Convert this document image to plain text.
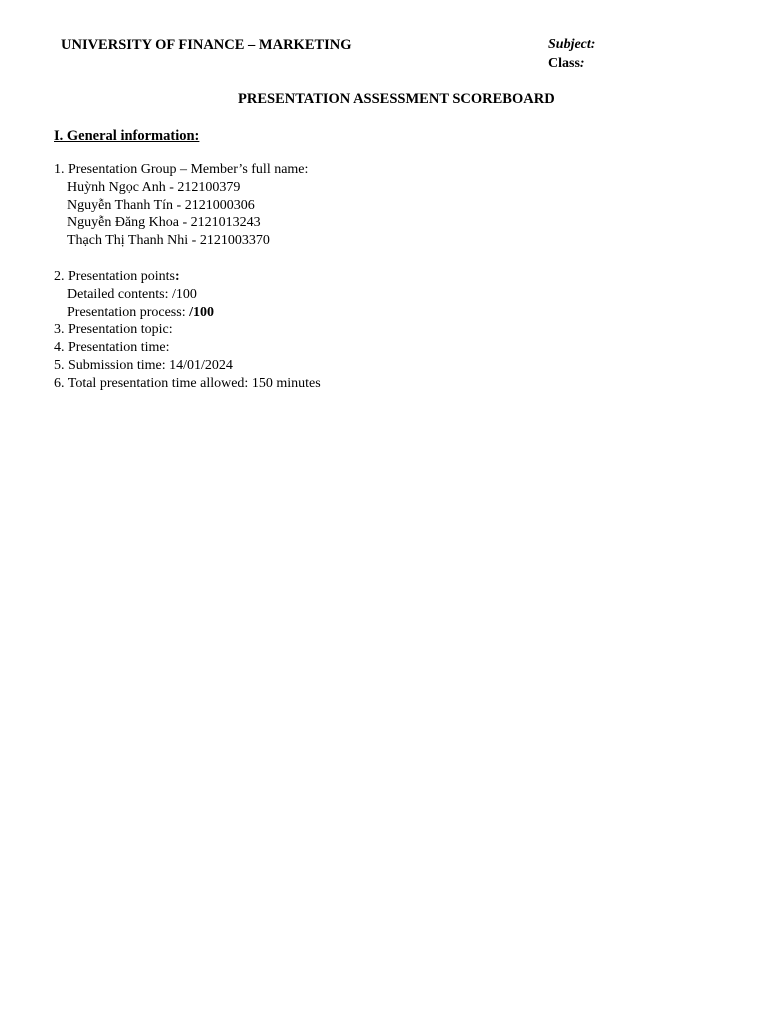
UNIVERSITY OF FINANCE – MARKETING	Subject:
Class:
PRESENTATION ASSESSMENT SCOREBOARD
I. General information:
1. Presentation Group – Member’s full name:
Huỳnh Ngọc Anh - 212100379
Nguyễn Thanh Tín - 2121000306
Nguyễn Đăng Khoa - 2121013243
Thạch Thị Thanh Nhi - 2121003370
2. Presentation points:
Detailed contents: /100
Presentation process: /100
3. Presentation topic:
4. Presentation time:
5. Submission time: 14/01/2024
6. Total presentation time allowed: 150 minutes
